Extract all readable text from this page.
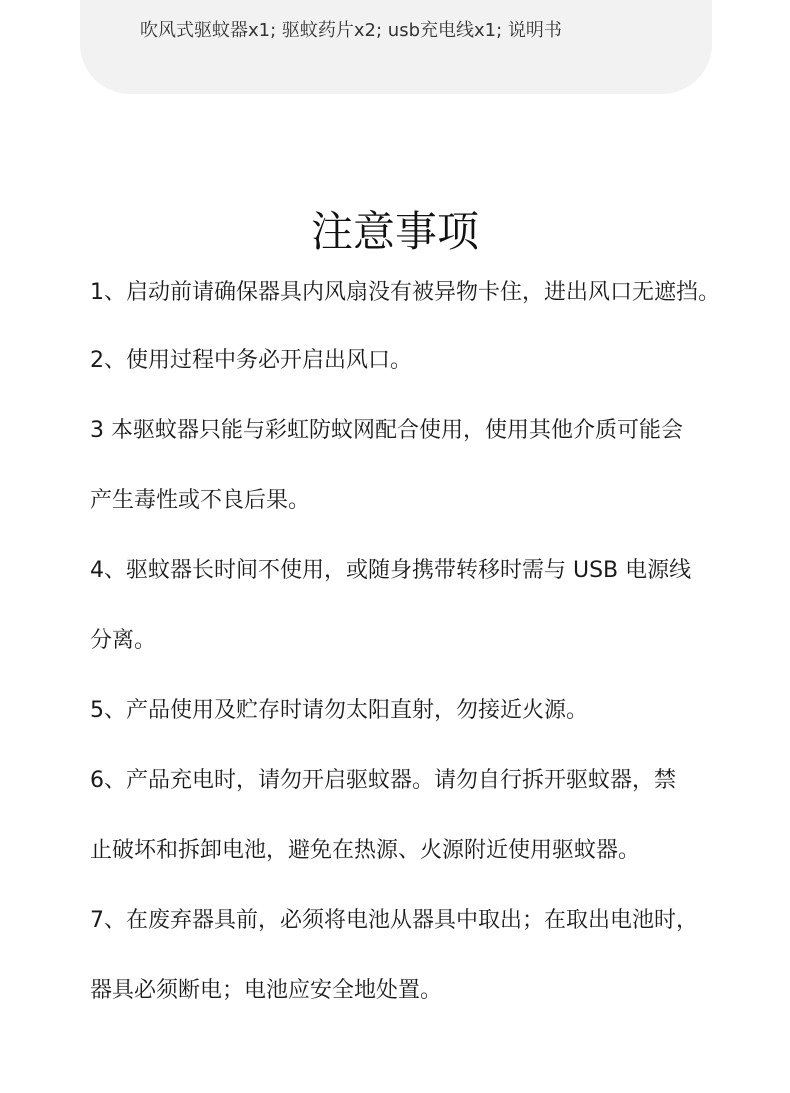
吹风式驱蚊器x1; 驱蚊药片x2; usb充电线x1; 说明书
注意事项
1、启动前请确保器具内风扇没有被异物卡住，进出风口无遮挡。
2、使用过程中务必开启出风口。
3 本驱蚊器只能与彩虹防蚊网配合使用，使用其他介质可能会
产生毒性或不良后果。
4、驱蚊器长时间不使用，或随身携带转移时需与 USB 电源线
分离。
5、产品使用及贮存时请勿太阳直射，勿接近火源。
6、产品充电时，请勿开启驱蚊器。请勿自行拆开驱蚊器，禁
止破坏和拆卸电池，避免在热源、火源附近使用驱蚊器。
7、在废弃器具前，必须将电池从器具中取出；在取出电池时，
器具必须断电；电池应安全地处置。
